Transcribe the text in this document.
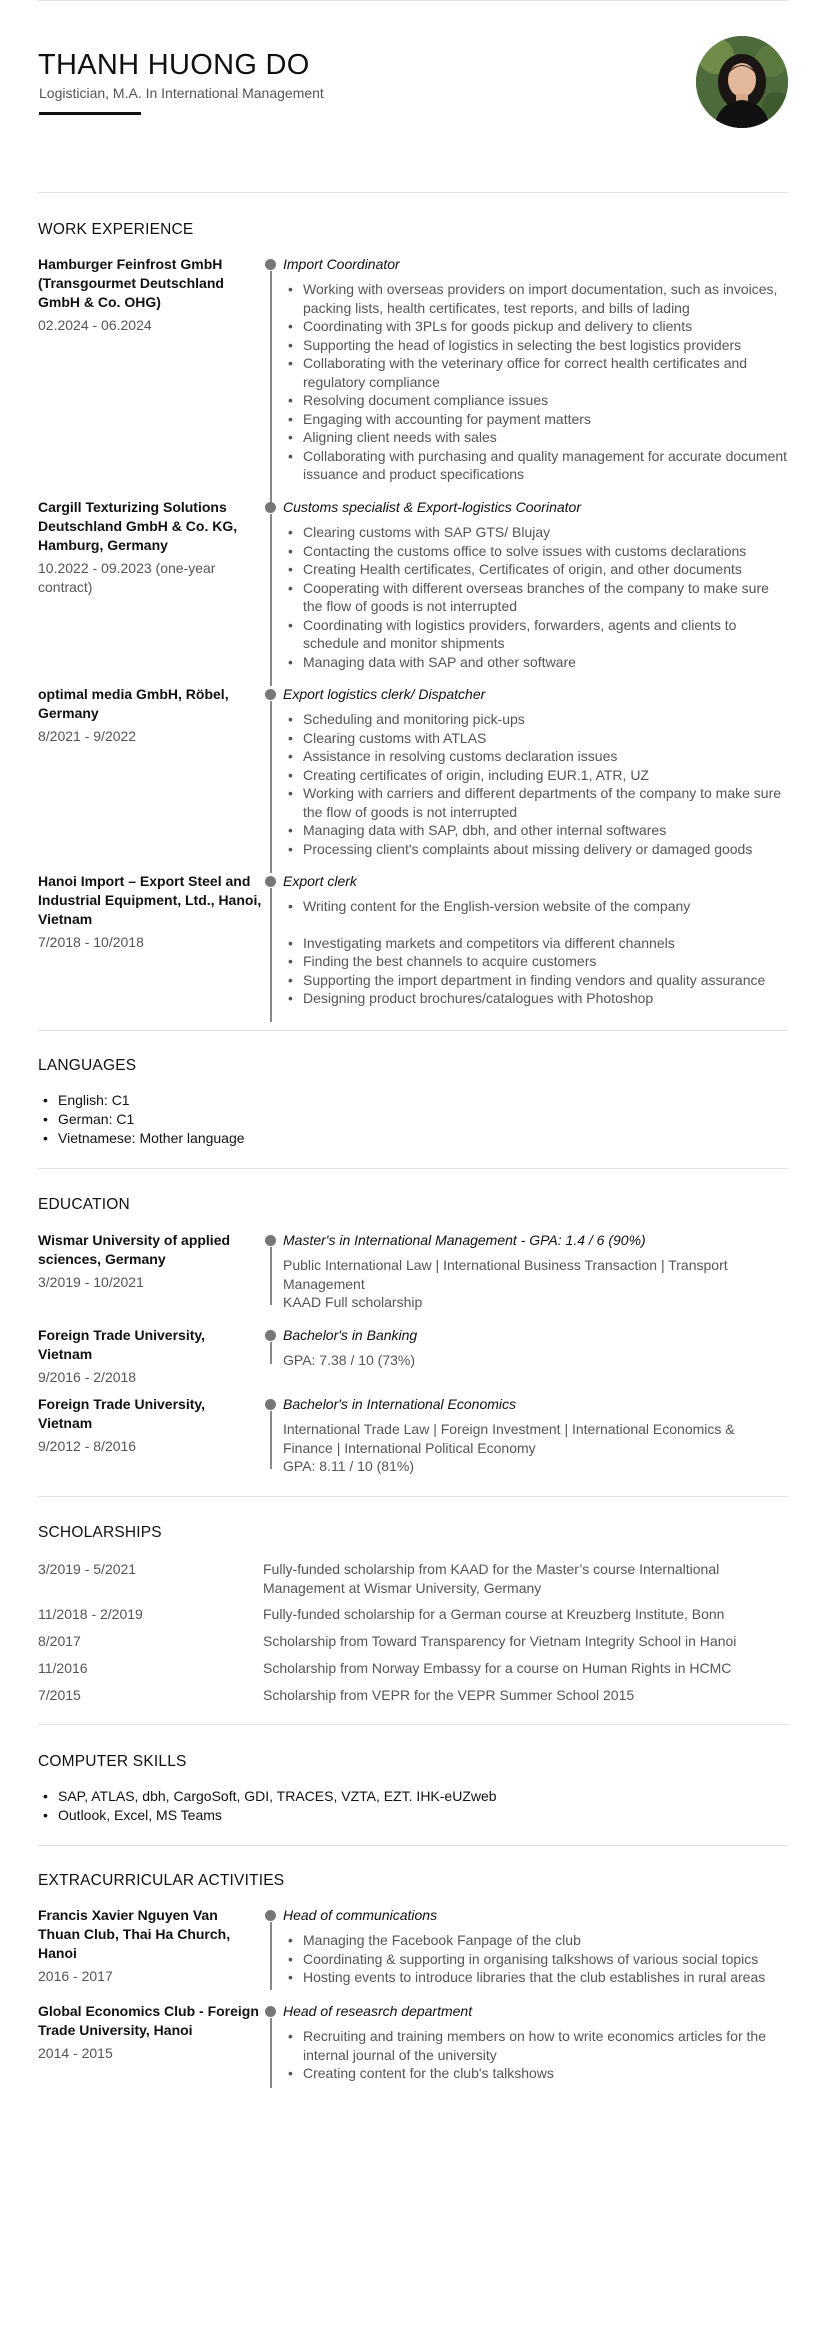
THANH HUONG DO
Logistician, M.A. In International Management
WORK EXPERIENCE
Hamburger Feinfrost GmbH (Transgourmet Deutschland GmbH & Co. OHG)
02.2024 - 06.2024
Import Coordinator
• Working with overseas providers on import documentation, such as invoices, packing lists, health certificates, test reports, and bills of lading
• Coordinating with 3PLs for goods pickup and delivery to clients
• Supporting the head of logistics in selecting the best logistics providers
• Collaborating with the veterinary office for correct health certificates and regulatory compliance
• Resolving document compliance issues
• Engaging with accounting for payment matters
• Aligning client needs with sales
• Collaborating with purchasing and quality management for accurate document issuance and product specifications
Cargill Texturizing Solutions Deutschland GmbH & Co. KG, Hamburg, Germany
10.2022 - 09.2023 (one-year contract)
Customs specialist & Export-logistics Coorinator
• Clearing customs with SAP GTS/ Blujay
• Contacting the customs office to solve issues with customs declarations
• Creating Health certificates, Certificates of origin, and other documents
• Cooperating with different overseas branches of the company to make sure the flow of goods is not interrupted
• Coordinating with logistics providers, forwarders, agents and clients to schedule and monitor shipments
• Managing data with SAP and other software
optimal media GmbH, Röbel, Germany
8/2021 - 9/2022
Export logistics clerk/ Dispatcher
• Scheduling and monitoring pick-ups
• Clearing customs with ATLAS
• Assistance in resolving customs declaration issues
• Creating certificates of origin, including EUR.1, ATR, UZ
• Working with carriers and different departments of the company to make sure the flow of goods is not interrupted
• Managing data with SAP, dbh, and other internal softwares
• Processing client's complaints about missing delivery or damaged goods
Hanoi Import – Export Steel and Industrial Equipment, Ltd., Hanoi, Vietnam
7/2018 - 10/2018
Export clerk
• Writing content for the English-version website of the company
• Investigating markets and competitors via different channels
• Finding the best channels to acquire customers
• Supporting the import department in finding vendors and quality assurance
• Designing product brochures/catalogues with Photoshop
LANGUAGES
• English: C1
• German: C1
• Vietnamese: Mother language
EDUCATION
Wismar University of applied sciences, Germany
3/2019 - 10/2021
Master's in International Management - GPA: 1.4 / 6 (90%)
Public International Law | International Business Transaction | Transport Management
KAAD Full scholarship
Foreign Trade University, Vietnam
9/2016 - 2/2018
Bachelor's in Banking
GPA: 7.38 / 10 (73%)
Foreign Trade University, Vietnam
9/2012 - 8/2016
Bachelor's in International Economics
International Trade Law | Foreign Investment | International Economics & Finance | International Political Economy
GPA: 8.11 / 10 (81%)
SCHOLARSHIPS
3/2019 - 5/2021	Fully-funded scholarship from KAAD for the Master’s course Internaltional Management at Wismar University, Germany
11/2018 - 2/2019	Fully-funded scholarship for a German course at Kreuzberg Institute, Bonn
8/2017	Scholarship from Toward Transparency for Vietnam Integrity School in Hanoi
11/2016	Scholarship from Norway Embassy for a course on Human Rights in HCMC
7/2015	Scholarship from VEPR for the VEPR Summer School 2015
COMPUTER SKILLS
• SAP, ATLAS, dbh, CargoSoft, GDI, TRACES, VZTA, EZT. IHK-eUZweb
• Outlook, Excel, MS Teams
EXTRACURRICULAR ACTIVITIES
Francis Xavier Nguyen Van Thuan Club, Thai Ha Church, Hanoi
2016 - 2017
Head of communications
• Managing the Facebook Fanpage of the club
• Coordinating & supporting in organising talkshows of various social topics
• Hosting events to introduce libraries that the club establishes in rural areas
Global Economics Club - Foreign Trade University, Hanoi
2014 - 2015
Head of reseasrch department
• Recruiting and training members on how to write economics articles for the internal journal of the university
• Creating content for the club's talkshows
